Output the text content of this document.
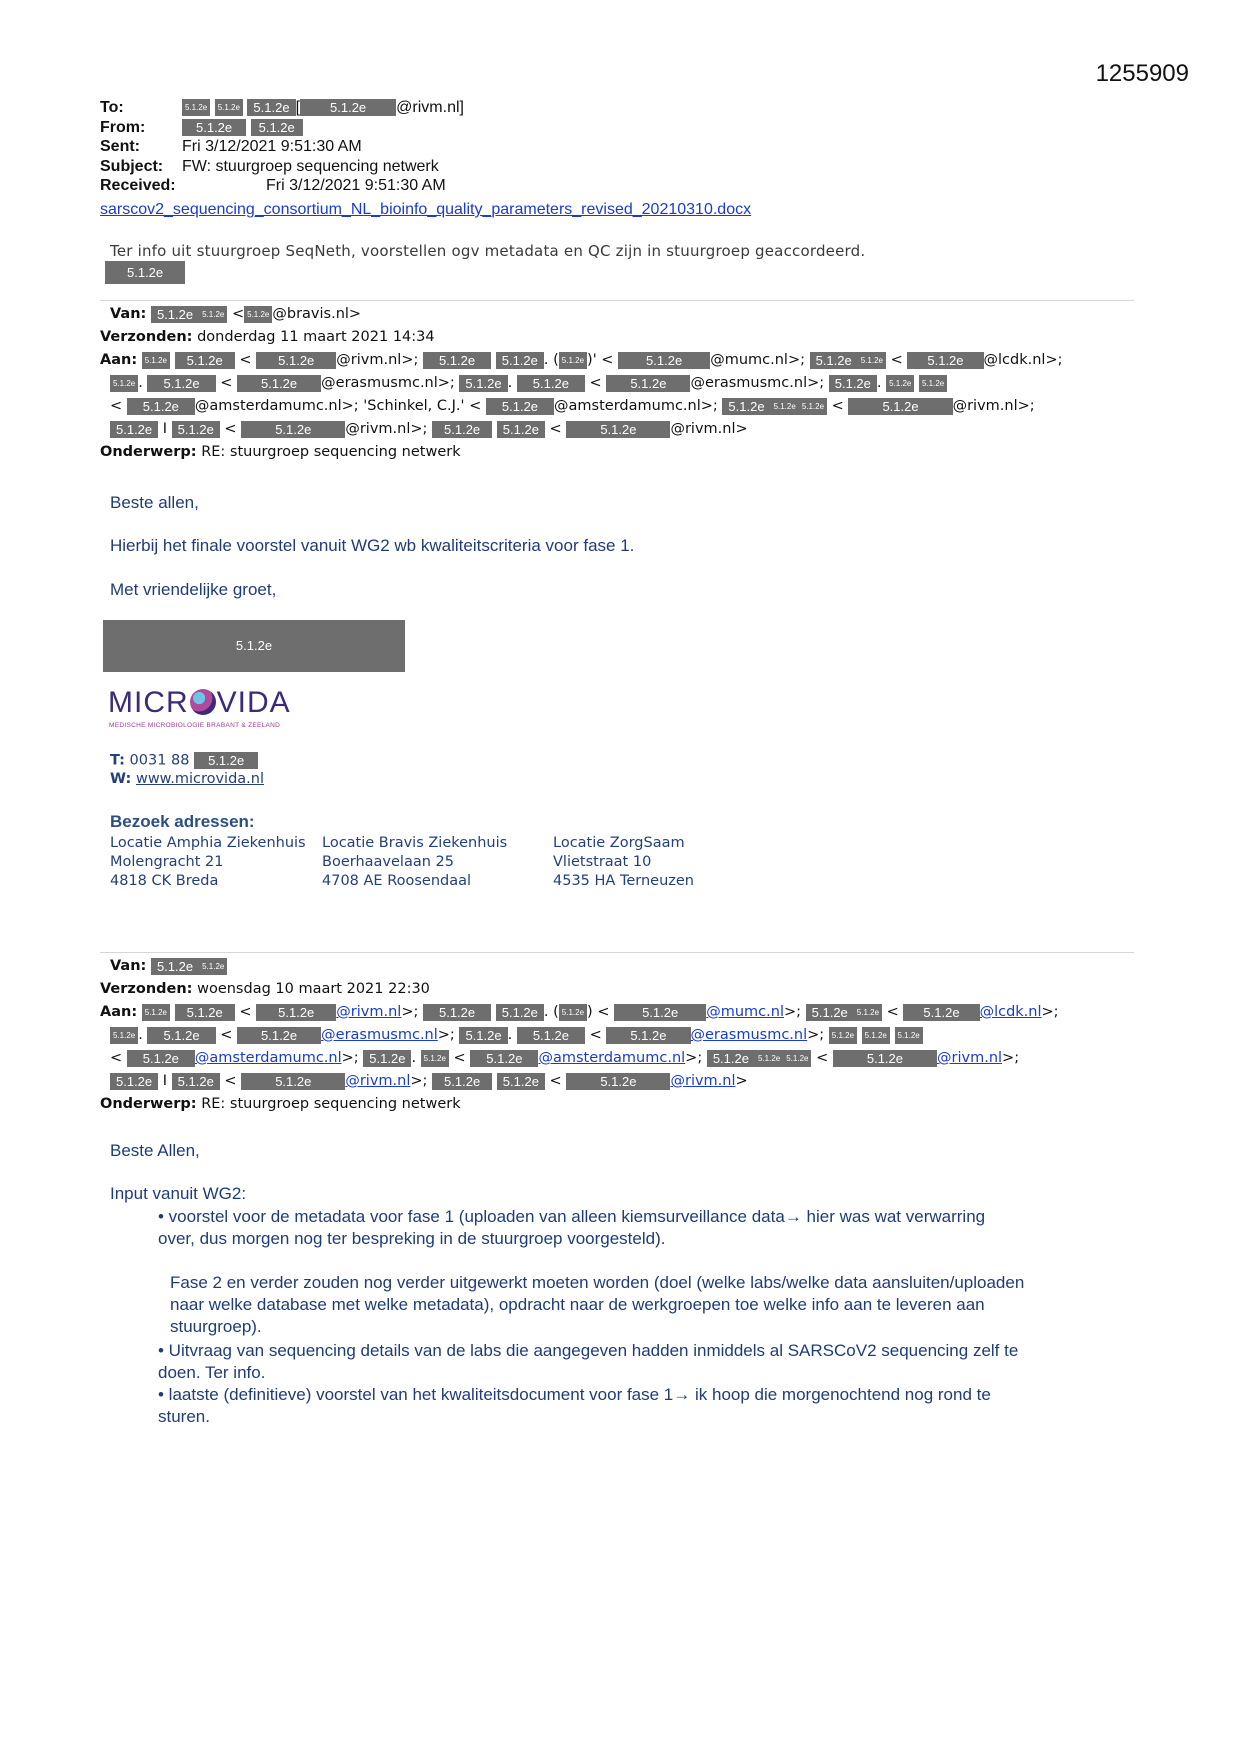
1255909
To:	5.1.2e 5.1.2e 5.1.2e [ 5.1.2e @rivm.nl]
From:	5.1.2e 5.1.2e
Sent:	Fri 3/12/2021 9:51:30 AM
Subject: FW: stuurgroep sequencing netwerk
Received:	Fri 3/12/2021 9:51:30 AM
sarscov2_sequencing_consortium_NL_bioinfo_quality_parameters_revised_20210310.docx
Ter info uit stuurgroep SeqNeth, voorstellen ogv metadata en QC zijn in stuurgroep geaccordeerd.
5.1.2e
Van: 5.1.2e 5.1.2e < 5.1.2e @bravis.nl>
Verzonden: donderdag 11 maart 2021 14:34
Aan: 5.1.2e 5.1.2e < 5.1.2e @rivm.nl>; 5.1.2e 5.1.2e . ( 5.1.2e )' < 5.1.2e @mumc.nl>; 5.1.2e 5.1.2e < 5.1.2e @lcdk.nl>;
5.1.2e . 5.1.2e < 5.1.2e @erasmusmc.nl>; 5.1.2e . 5.1.2e < 5.1.2e @erasmusmc.nl>; 5.1.2e . 5.1.2e 5.1.2e
< 5.1.2e @amsterdamumc.nl>; 'Schinkel, C.J.' < 5.1.2e @amsterdamumc.nl>; 5.1.2e 5.1.2e 5.1.2e <	5.1.2e @rivm.nl>;
5.1.2e I 5.1.2e <	5.1.2e @rivm.nl>; 5.1.2e 5.1.2e <	5.1.2e @rivm.nl>
Onderwerp: RE: stuurgroep sequencing netwerk
Beste allen,
Hierbij het finale voorstel vanuit WG2 wb kwaliteitscriteria voor fase 1.
Met vriendelijke groet,
5.1.2e
MICR VIDA
MEDISCHE MICROBIOLOGIE BRABANT & ZEELAND
T: 0031 88 5.1.2e
W: www.microvida.nl
Bezoek adressen:
Locatie Amphia Ziekenhuis
Molengracht 21
4818 CK Breda
Locatie Bravis Ziekenhuis
Boerhaavelaan 25
4708 AE Roosendaal
Locatie ZorgSaam
Vlietstraat 10
4535 HA Terneuzen
Van: 5.1.2e 5.1.2e
Verzonden: woensdag 10 maart 2021 22:30
Aan: 5.1.2e 5.1.2e < 5.1.2e @rivm.nl>; 5.1.2e 5.1.2e . ( 5.1.2e ) < 5.1.2e @mumc.nl>; 5.1.2e 5.1.2e < 5.1.2e @lcdk.nl>;
5.1.2e . 5.1.2e < 5.1.2e @erasmusmc.nl>; 5.1.2e . 5.1.2e < 5.1.2e @erasmusmc.nl>; 5.1.2e 5.1.2e 5.1.2e
< 5.1.2e @amsterdamumc.nl>; 5.1.2e . 5.1.2e < 5.1.2e @amsterdamumc.nl>; 5.1.2e 5.1.2e 5.1.2e <	5.1.2e @rivm.nl>;
5.1.2e I 5.1.2e <	5.1.2e @rivm.nl>; 5.1.2e 5.1.2e <	5.1.2e @rivm.nl>
Onderwerp: RE: stuurgroep sequencing netwerk
Beste Allen,
Input vanuit WG2:
• voorstel voor de metadata voor fase 1 (uploaden van alleen kiemsurveillance data→ hier was wat verwarring
over, dus morgen nog ter bespreking in de stuurgroep voorgesteld).
Fase 2 en verder zouden nog verder uitgewerkt moeten worden (doel (welke labs/welke data aansluiten/uploaden
naar welke database met welke metadata), opdracht naar de werkgroepen toe welke info aan te leveren aan
stuurgroep).
• Uitvraag van sequencing details van de labs die aangegeven hadden inmiddels al SARSCoV2 sequencing zelf te
doen. Ter info.
• laatste (definitieve) voorstel van het kwaliteitsdocument voor fase 1→ ik hoop die morgenochtend nog rond te
sturen.
